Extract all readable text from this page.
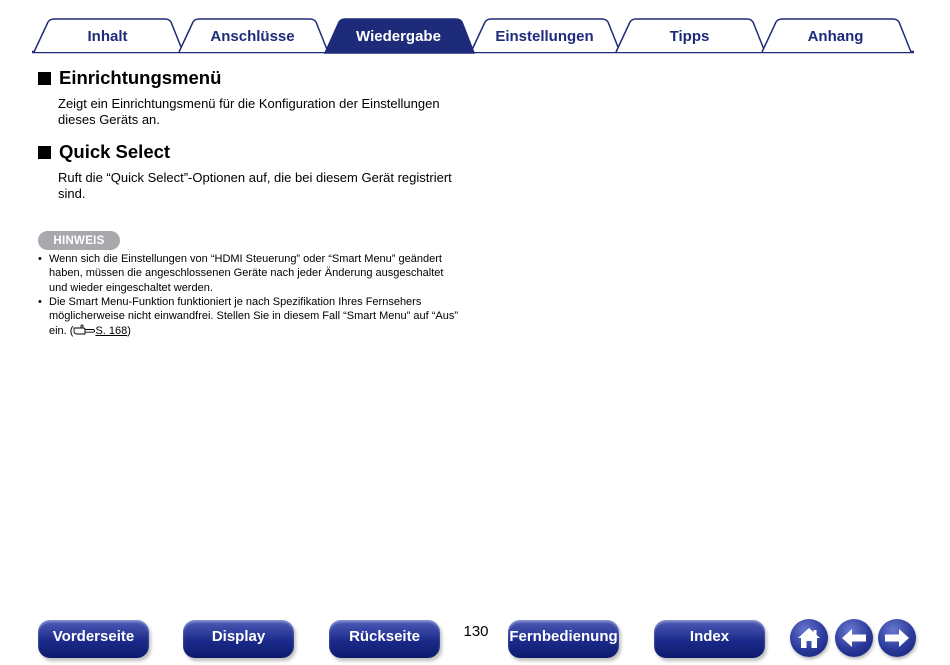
Inhalt	Anschlüsse	Wiedergabe	Einstellungen	Tipps	Anhang
Einrichtungsmenü
Zeigt ein Einrichtungsmenü für die Konfiguration der Einstellungen dieses Geräts an.
Quick Select
Ruft die “Quick Select”-Optionen auf, die bei diesem Gerät registriert sind.
HINWEIS
• Wenn sich die Einstellungen von “HDMI Steuerung” oder “Smart Menu” geändert haben, müssen die angeschlossenen Geräte nach jeder Änderung ausgeschaltet und wieder eingeschaltet werden.
• Die Smart Menu-Funktion funktioniert je nach Spezifikation Ihres Fernsehers möglicherweise nicht einwandfrei. Stellen Sie in diesem Fall “Smart Menu” auf “Aus” ein. ( S. 168)
Vorderseite	Display	Rückseite	130	Fernbedienung	Index
